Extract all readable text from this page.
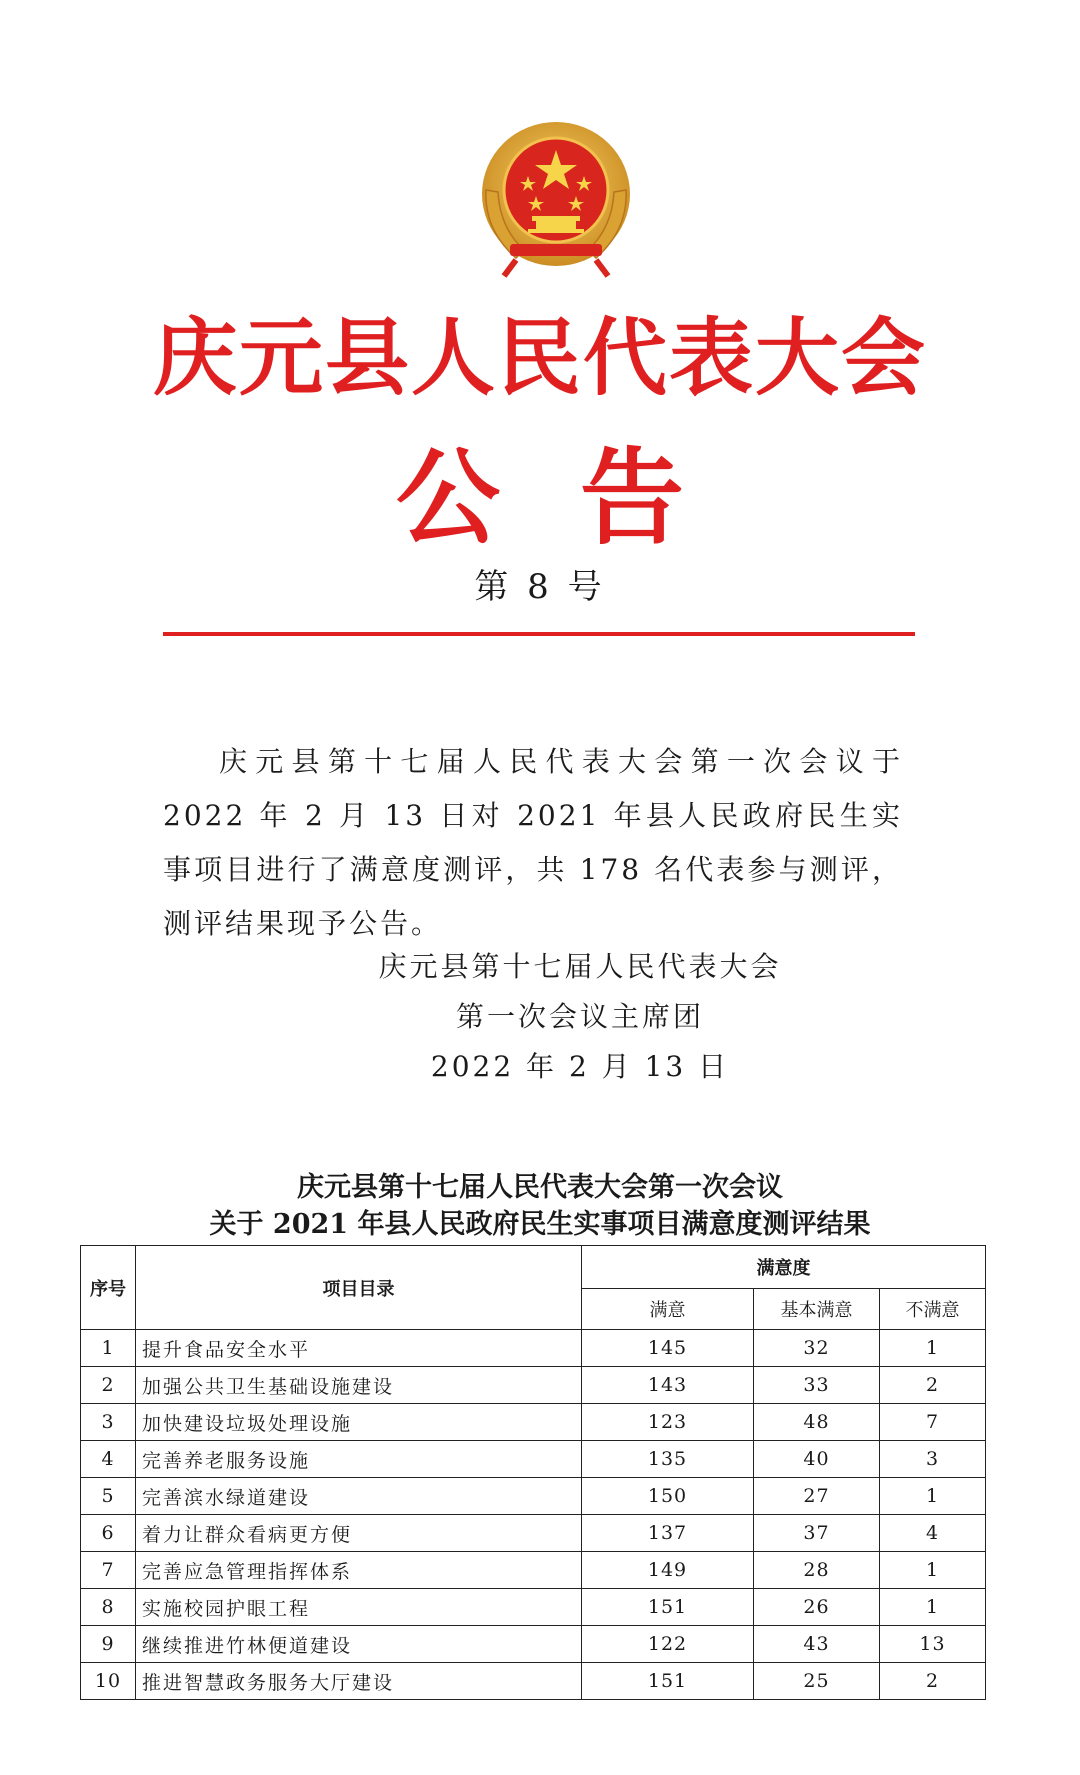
庆元县人民代表大会
公告
第 8 号
庆元县第十七届人民代表大会第一次会议于 2022 年 2 月 13 日对 2021 年县人民政府民生实事项目进行了满意度测评，共 178 名代表参与测评，测评结果现予公告。
庆元县第十七届人民代表大会
第一次会议主席团
2022 年 2 月 13 日
庆元县第十七届人民代表大会第一次会议
关于 2021 年县人民政府民生实事项目满意度测评结果
序号	项目目录	满意度		
		满意	基本满意	不满意
1	提升食品安全水平	145	32	1
2	加强公共卫生基础设施建设	143	33	2
3	加快建设垃圾处理设施	123	48	7
4	完善养老服务设施	135	40	3
5	完善滨水绿道建设	150	27	1
6	着力让群众看病更方便	137	37	4
7	完善应急管理指挥体系	149	28	1
8	实施校园护眼工程	151	26	1
9	继续推进竹林便道建设	122	43	13
10	推进智慧政务服务大厅建设	151	25	2
